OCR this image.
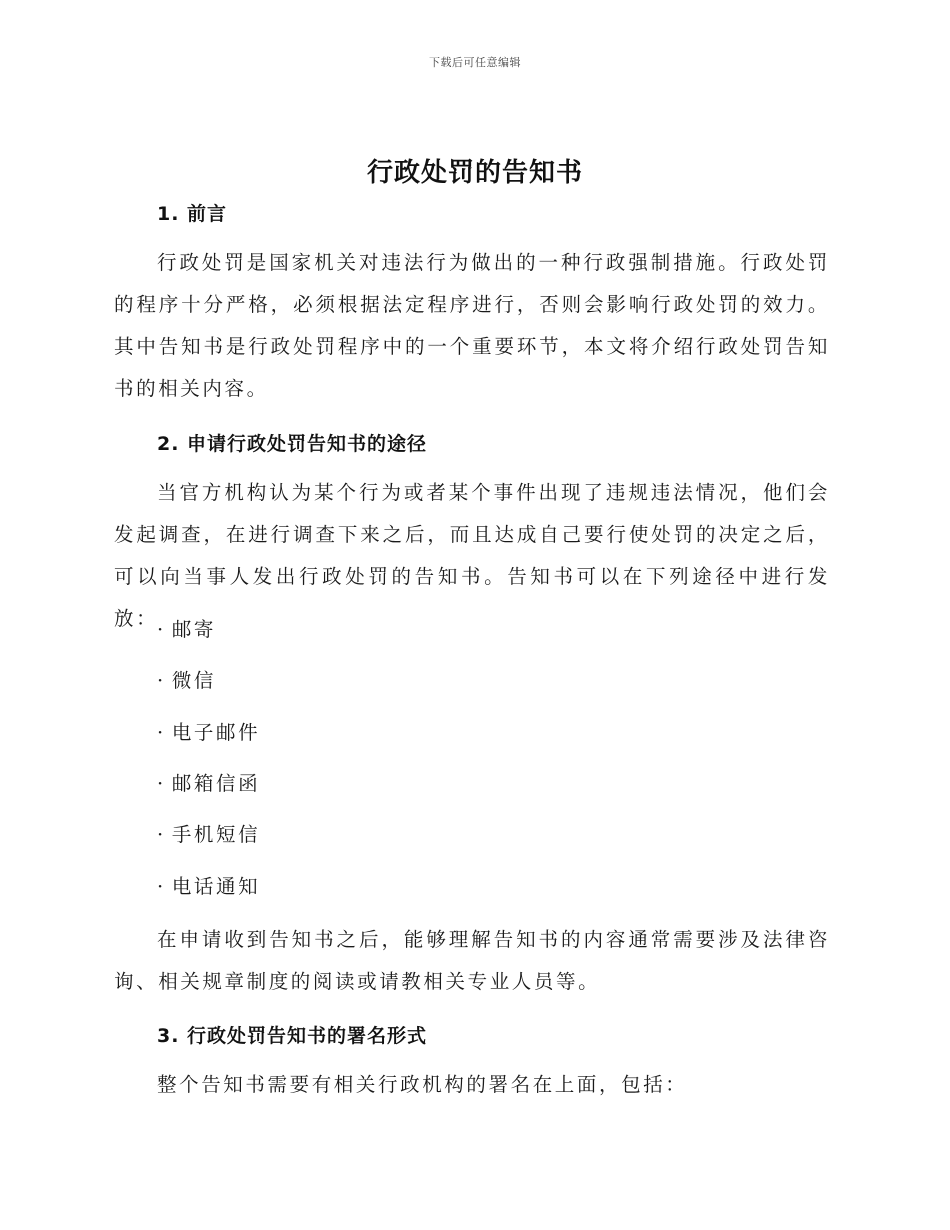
下载后可任意编辑
行政处罚的告知书
1. 前言
行政处罚是国家机关对违法行为做出的一种行政强制措施。行政处罚的程序十分严格，必须根据法定程序进行，否则会影响行政处罚的效力。其中告知书是行政处罚程序中的一个重要环节，本文将介绍行政处罚告知书的相关内容。
2. 申请行政处罚告知书的途径
当官方机构认为某个行为或者某个事件出现了违规违法情况，他们会发起调查，在进行调查下来之后，而且达成自己要行使处罚的决定之后，可以向当事人发出行政处罚的告知书。告知书可以在下列途径中进行发放：
· 邮寄
· 微信
· 电子邮件
· 邮箱信函
· 手机短信
· 电话通知
在申请收到告知书之后，能够理解告知书的内容通常需要涉及法律咨询、相关规章制度的阅读或请教相关专业人员等。
3. 行政处罚告知书的署名形式
整个告知书需要有相关行政机构的署名在上面，包括：
